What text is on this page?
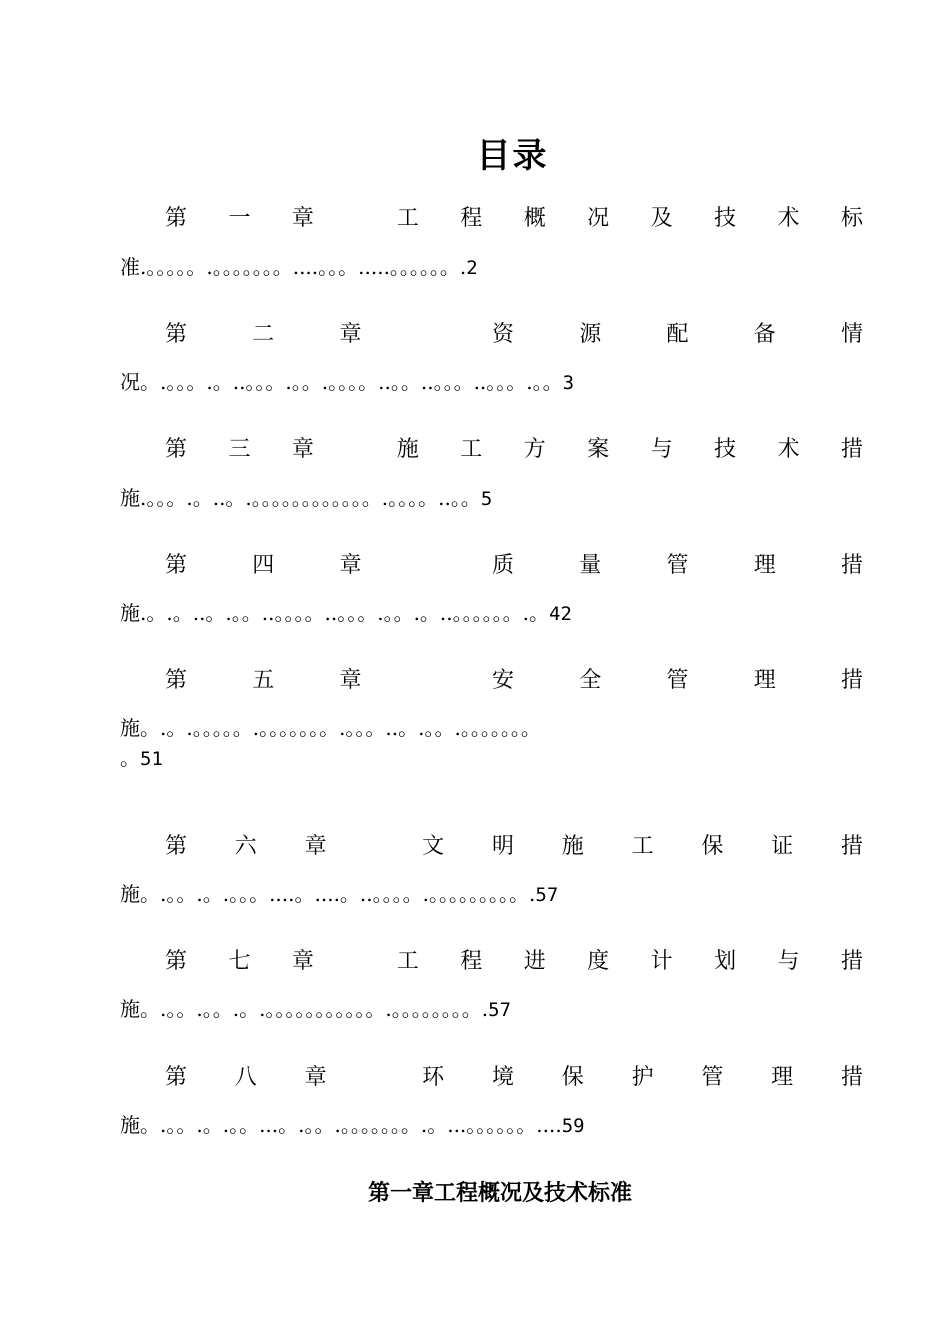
目录
第 一 章	工 程 概 况 及 技 术 标
准.。。。。。.。。。。。。。....。。。.....。。。。。。.2
第	二	章	资	源	配	备	情
况。.。。。.。..。。。.。。.。。。。..。。..。。。..。。。.。。3
第 三 章	施 工 方 案 与 技 术 措
施.。。。.。..。.。。。。。。。。。。。。.。。。。..。。5
第	四	章	质	量	管	理	措
施.。.。..。.。。..。。。。..。。。.。。.。..。。。。。。.。42
第	五	章	安	全	管	理	措
施。.。.。。。。。.。。。。。。。.。。。..。.。。.。。。。。。。
。51
第 六 章	文 明 施 工 保 证 措
施。.。。.。.。。。....。....。..。。。。.。。。。。。。。。.57
第 七 章	工 程 进 度 计 划 与 措
施。.。。.。。.。.。。。。。。。。。。。.。。。。。。。。.57
第 八 章	环 境 保 护 管 理 措
施。.。。.。.。。...。.。。.。。。。。。。.。...。。。。。。....59
第一章工程概况及技术标准
